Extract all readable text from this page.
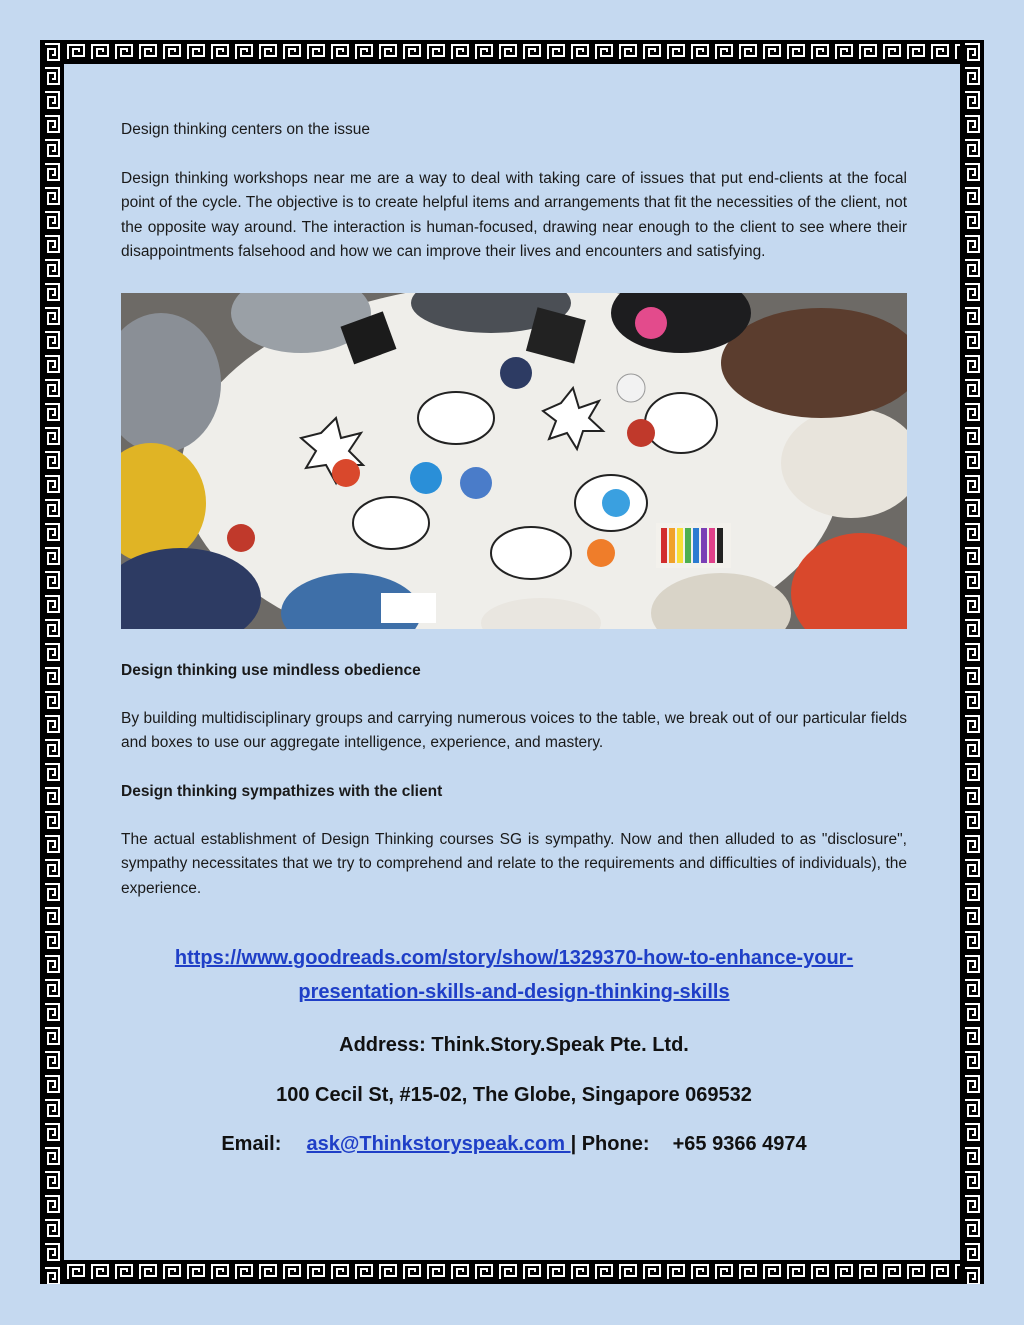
Design thinking centers on the issue

Design thinking workshops near me are a way to deal with taking care of issues that put end-clients at the focal point of the cycle. The objective is to create helpful items and arrangements that fit the necessities of the client, not the opposite way around. The interaction is human-focused, drawing near enough to the client to see where their disappointments falsehood and how we can improve their lives and encounters and satisfying.

Design thinking use mindless obedience

By building multidisciplinary groups and carrying numerous voices to the table, we break out of our particular fields and boxes to use our aggregate intelligence, experience, and mastery.

Design thinking sympathizes with the client

The actual establishment of Design Thinking courses SG is sympathy. Now and then alluded to as "disclosure", sympathy necessitates that we try to comprehend and relate to the requirements and difficulties of individuals), the experience.

https://www.goodreads.com/story/show/1329370-how-to-enhance-your-
presentation-skills-and-design-thinking-skills
Address: Think.Story.Speak Pte. Ltd.
100 Cecil St, #15-02, The Globe, Singapore 069532
Email: ask@Thinkstoryspeak.com | Phone: +65 9366 4974
